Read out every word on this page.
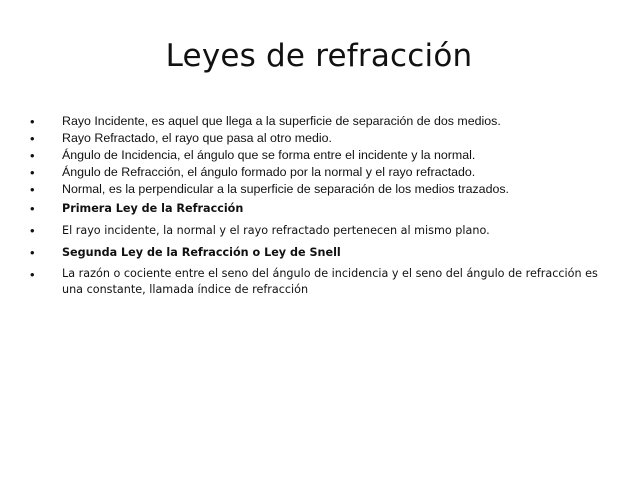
Leyes de refracción
• Rayo Incidente, es aquel que llega a la superficie de separación de dos medios.
• Rayo Refractado, el rayo que pasa al otro medio.
• Ángulo de Incidencia, el ángulo que se forma entre el incidente y la normal.
• Ángulo de Refracción, el ángulo formado por la normal y el rayo refractado.
• Normal, es la perpendicular a la superficie de separación de los medios trazados.
• Primera Ley de la Refracción
• El rayo incidente, la normal y el rayo refractado pertenecen al mismo plano.
• Segunda Ley de la Refracción o Ley de Snell
• La razón o cociente entre el seno del ángulo de incidencia y el seno del ángulo de refracción es una constante, llamada índice de refracción
